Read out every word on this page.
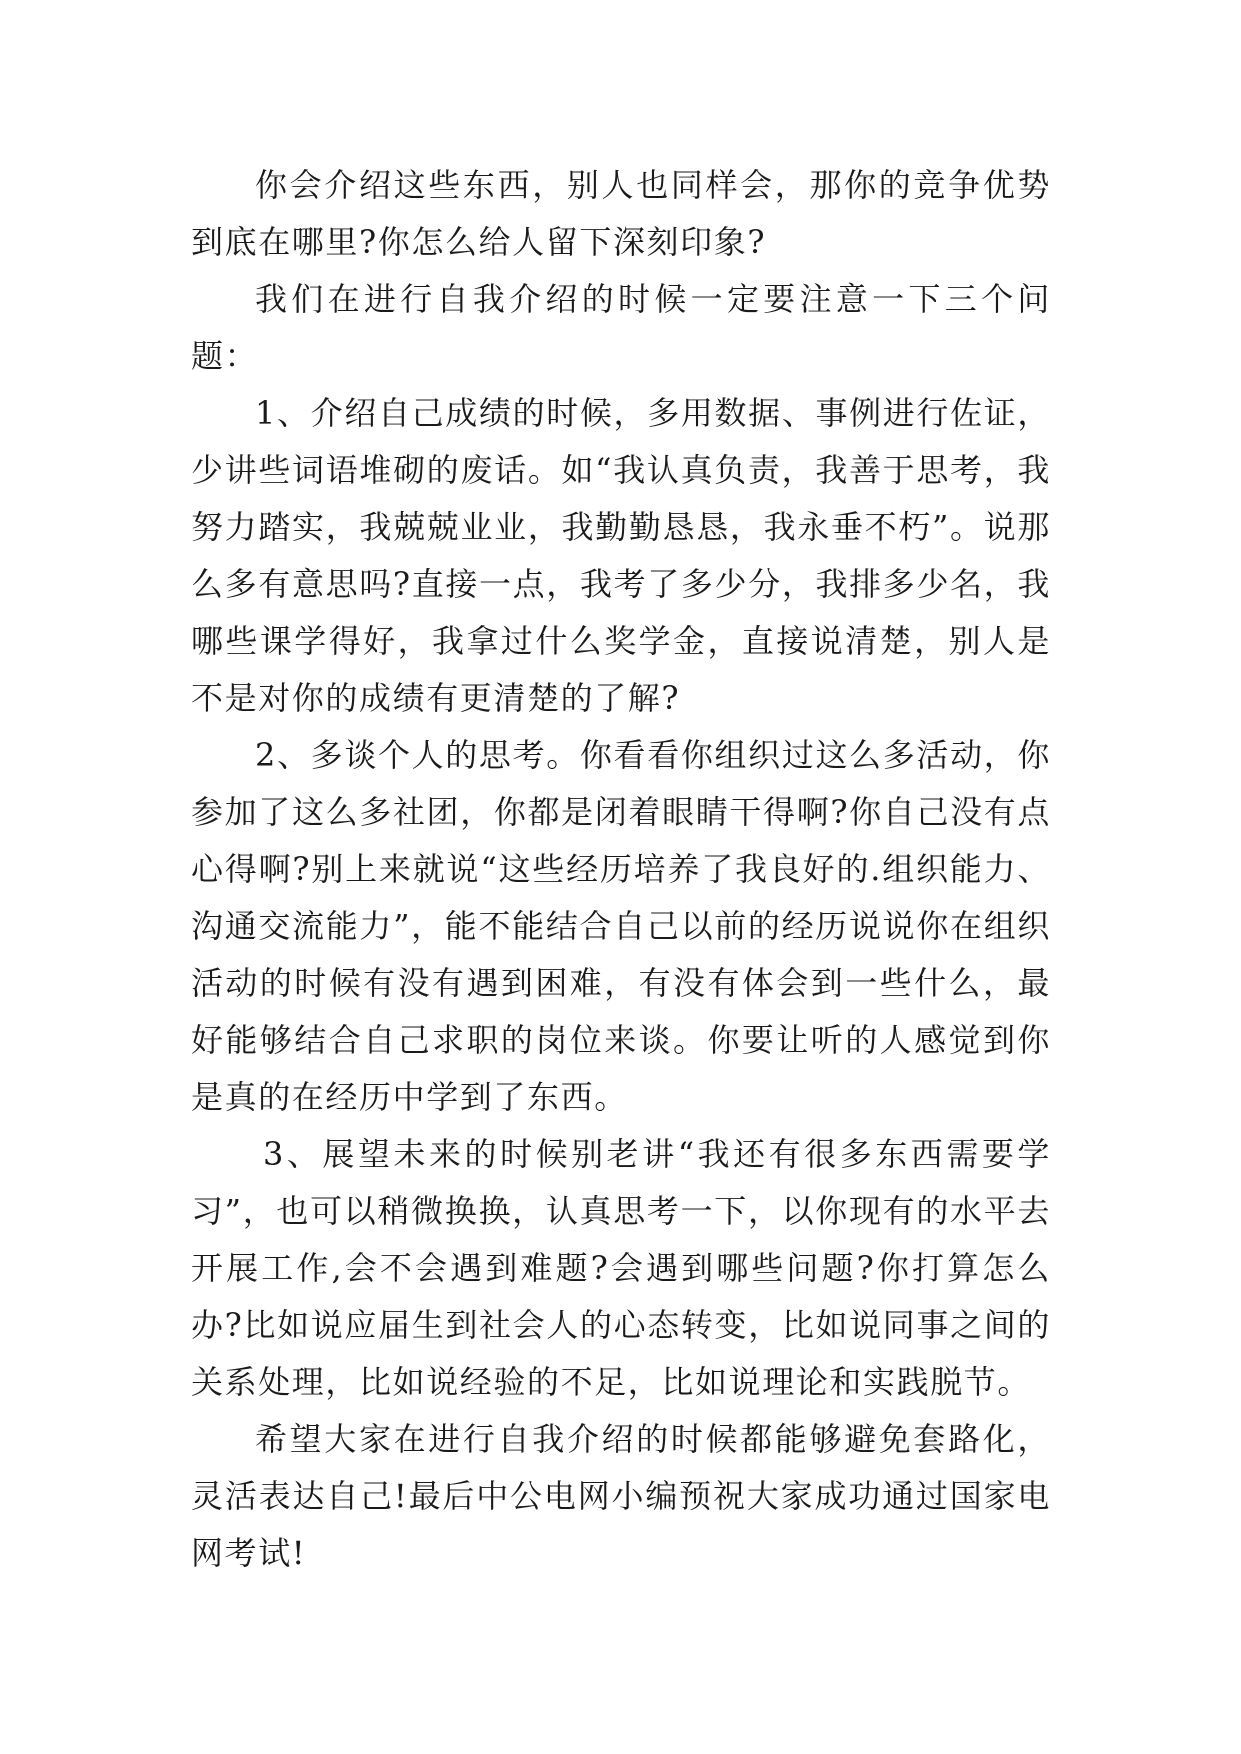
你会介绍这些东西，别人也同样会，那你的竞争优势到底在哪里?你怎么给人留下深刻印象?

我们在进行自我介绍的时候一定要注意一下三个问题：

1、介绍自己成绩的时候，多用数据、事例进行佐证，少讲些词语堆砌的废话。如“我认真负责，我善于思考，我努力踏实，我兢兢业业，我勤勤恳恳，我永垂不朽”。说那么多有意思吗?直接一点，我考了多少分，我排多少名，我哪些课学得好，我拿过什么奖学金，直接说清楚，别人是不是对你的成绩有更清楚的了解?

2、多谈个人的思考。你看看你组织过这么多活动，你参加了这么多社团，你都是闭着眼睛干得啊?你自己没有点心得啊?别上来就说“这些经历培养了我良好的.组织能力、沟通交流能力”，能不能结合自己以前的经历说说你在组织活动的时候有没有遇到困难，有没有体会到一些什么，最好能够结合自己求职的岗位来谈。你要让听的人感觉到你是真的在经历中学到了东西。

3、展望未来的时候别老讲“我还有很多东西需要学习”，也可以稍微换换，认真思考一下，以你现有的水平去开展工作,会不会遇到难题?会遇到哪些问题?你打算怎么办?比如说应届生到社会人的心态转变，比如说同事之间的关系处理，比如说经验的不足，比如说理论和实践脱节。

希望大家在进行自我介绍的时候都能够避免套路化，灵活表达自己!最后中公电网小编预祝大家成功通过国家电网考试!
